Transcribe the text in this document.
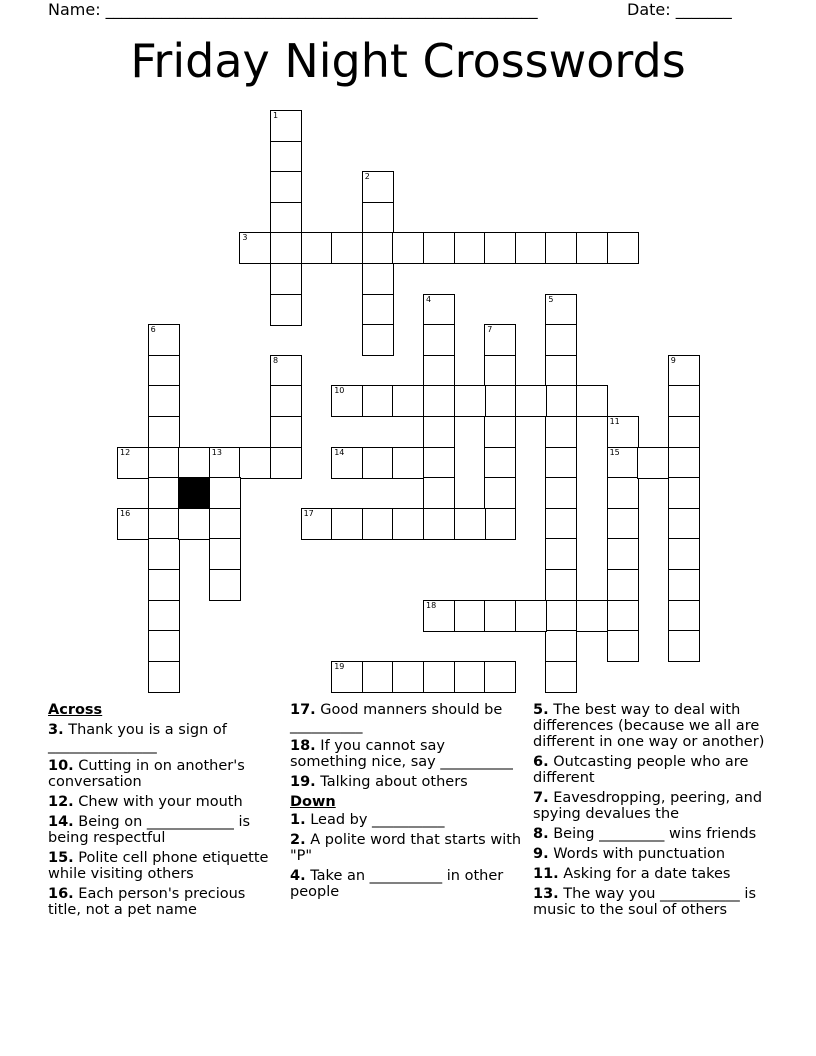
Name: ______________________________________________________	Date: _______
Friday Night Crosswords
1
2
3
4	5
6	7
8	9
10
11
15
12	13	14
16	17
18
19
Across
3. Thank you is a sign of _______________
10. Cutting in on another's conversation
12. Chew with your mouth
14. Being on ____________ is being respectful
15. Polite cell phone etiquette while visiting others
16. Each person's precious title, not a pet name
17. Good manners should be __________
18. If you cannot say something nice, say __________
19. Talking about others
Down
1. Lead by __________
2. A polite word that starts with "P"
4. Take an __________ in other people
5. The best way to deal with differences (because we all are different in one way or another)
6. Outcasting people who are different
7. Eavesdropping, peering, and spying devalues the
8. Being _________ wins friends
9. Words with punctuation
11. Asking for a date takes
13. The way you ___________ is music to the soul of others
